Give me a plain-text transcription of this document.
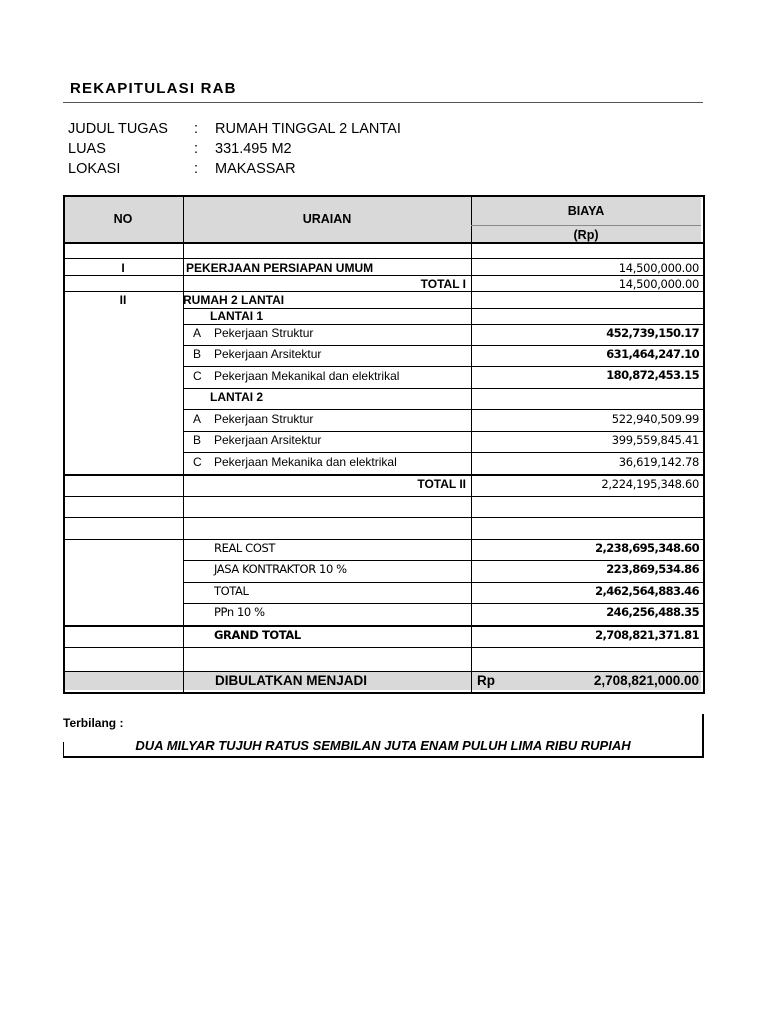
REKAPITULASI RAB
JUDUL TUGAS : RUMAH TINGGAL 2 LANTAI
LUAS	: 331.495 M2
LOKASI	: MAKASSAR
NO	URAIAN
BIAYA
(Rp)
I	PEKERJAAN PERSIAPAN UMUM	14,500,000.00
TOTAL I	14,500,000.00
II	RUMAH 2 LANTAI
LANTAI 1
A Pekerjaan Struktur	452,739,150.17
B Pekerjaan Arsitektur	631,464,247.10
C Pekerjaan Mekanikal dan elektrikal	180,872,453.15
LANTAI 2
A Pekerjaan Struktur	522,940,509.99
B Pekerjaan Arsitektur	399,559,845.41
C Pekerjaan Mekanika dan elektrikal	36,619,142.78
TOTAL II	2,224,195,348.60
REAL COST	2,238,695,348.60
JASA KONTRAKTOR 10 %	223,869,534.86
TOTAL	2,462,564,883.46
PPn 10 %	246,256,488.35
GRAND TOTAL	2,708,821,371.81
DIBULATKAN MENJADI	Rp	2,708,821,000.00
Terbilang :
DUA MILYAR TUJUH RATUS SEMBILAN JUTA ENAM PULUH LIMA RIBU RUPIAH
